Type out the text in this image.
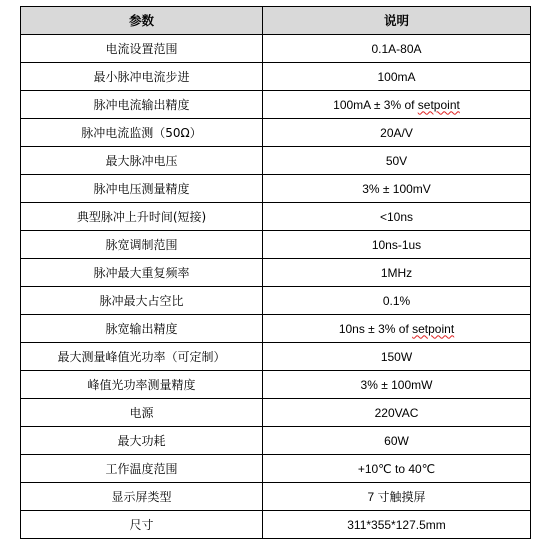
参数	说明
电流设置范围	0.1A-80A
最小脉冲电流步进	100mA
脉冲电流输出精度	100mA ± 3% of setpoint
脉冲电流监测（50Ω）	20A/V
最大脉冲电压	50V
脉冲电压测量精度	3% ± 100mV
典型脉冲上升时间(短接)	<10ns
脉宽调制范围	10ns-1us
脉冲最大重复频率	1MHz
脉冲最大占空比	0.1%
脉宽输出精度	10ns ± 3% of setpoint
最大测量峰值光功率（可定制）	150W
峰值光功率测量精度	3% ± 100mW
电源	220VAC
最大功耗	60W
工作温度范围	+10℃ to 40℃
显示屏类型	7 寸触摸屏
尺寸	311*355*127.5mm
